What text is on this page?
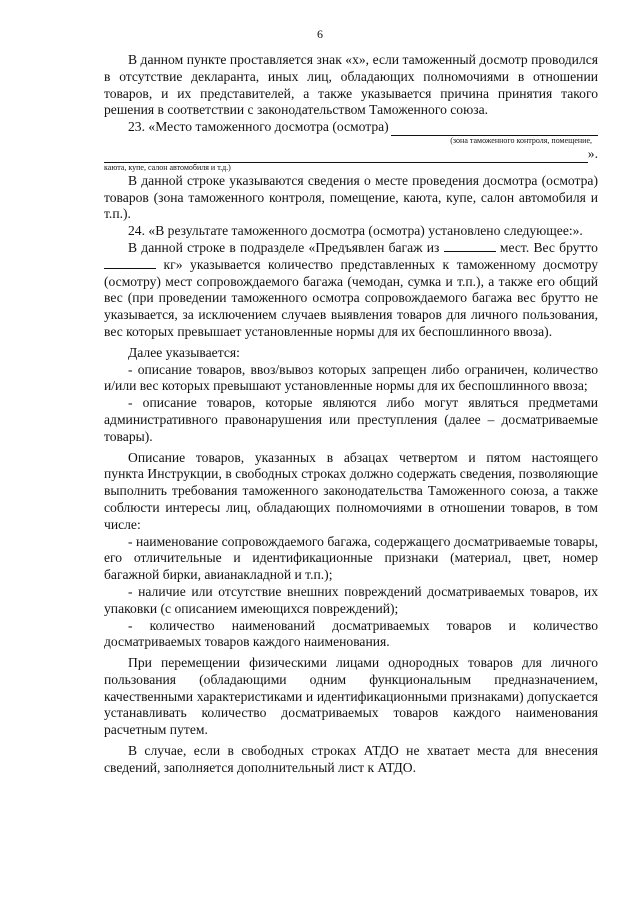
6

В данном пункте проставляется знак «х», если таможенный досмотр проводился в отсутствие декларанта, иных лиц, обладающих полномочиями в отношении товаров, и их представителей, а также указывается причина принятия такого решения в соответствии с законодательством Таможенного союза.

23. «Место таможенного досмотра (осмотра)
(зона таможенного контроля, помещение,
».
каюта, купе, салон автомобиля и т.д.)

В данной строке указываются сведения о месте проведения досмотра (осмотра) товаров (зона таможенного контроля, помещение, каюта, купе, салон автомобиля и т.п.).

24. «В результате таможенного досмотра (осмотра) установлено следующее:».

В данной строке в подразделе «Предъявлен багаж из	мест. Вес брутто  кг» указывается количество представленных к таможенному досмотру (осмотру) мест сопровождаемого багажа (чемодан, сумка и т.п.), а также его общий вес (при проведении таможенного осмотра сопровождаемого багажа вес брутто не указывается, за исключением случаев выявления товаров для личного пользования, вес которых превышает установленные нормы для их беспошлинного ввоза).

Далее указывается:

- описание товаров, ввоз/вывоз которых запрещен либо ограничен, количество и/или вес которых превышают установленные нормы для их беспошлинного ввоза;

- описание товаров, которые являются либо могут являться предметами административного правонарушения или преступления (далее – досматриваемые товары).

Описание товаров, указанных в абзацах четвертом и пятом настоящего

пункта Инструкции, в свободных строках должно содержать сведения, позволяющие выполнить требования таможенного законодательства Таможенного союза, а также соблюсти интересы лиц, обладающих полномочиями в отношении товаров, в том числе:

- наименование сопровождаемого багажа, содержащего досматриваемые товары, его отличительные и идентификационные признаки (материал, цвет, номер багажной бирки, авианакладной и т.п.);

- наличие или отсутствие внешних повреждений досматриваемых товаров, их упаковки (с описанием имеющихся повреждений);

- количество наименований досматриваемых товаров и количество досматриваемых товаров каждого наименования.

При перемещении физическими лицами однородных товаров для личного пользования (обладающими одним функциональным предназначением, качественными характеристиками и идентификационными признаками) допускается устанавливать количество досматриваемых товаров каждого наименования расчетным путем.

В случае, если в свободных строках АТДО не хватает места для внесения сведений, заполняется дополнительный лист к АТДО.
